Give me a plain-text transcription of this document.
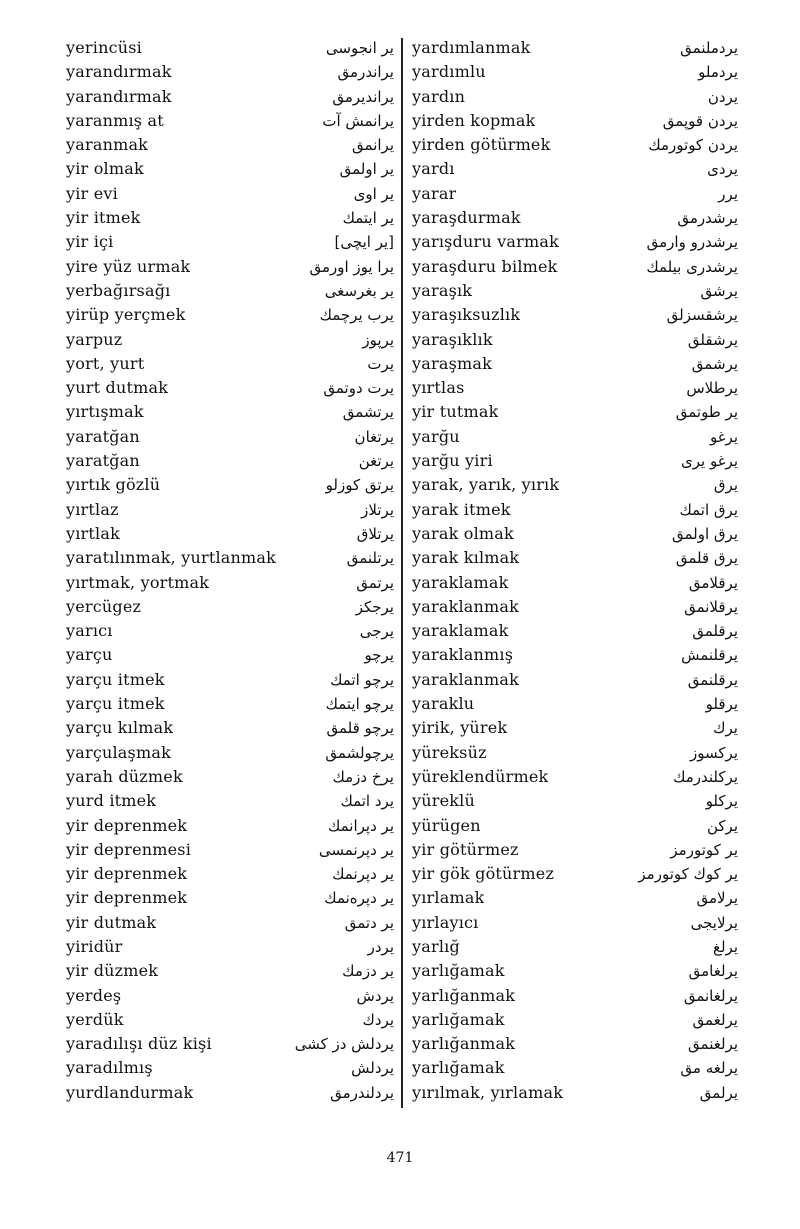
yerincüsi	یر انجوسی
yarandırmak	یراندرمق
yarandırmak	یراندیرمق
yaranmış at	یرانمش آت
yaranmak	یرانمق
yir olmak	یر اولمق
yir evi	یر اوی
yir itmek	یر ایتمك
yir içi	[یر ایچی]
yire yüz urmak	یرا یوز اورمق
yerbağırsağı	یر بغرسغی
yirüp yerçmek	یرب یرچمك
yarpuz	یرپوز
yort, yurt	یرت
yurt dutmak	یرت دوتمق
yırtışmak	یرتشمق
yaratğan	یرتغان
yaratğan	یرتغن
yırtık gözlü	یرتق كوزلو
yırtlaz	یرتلاز
yırtlak	یرتلاق
yaratılınmak, yurtlanmak	یرتلنمق
yırtmak, yortmak	یرتمق
yercügez	یرجكز
yarıcı	یرجی
yarçu	یرچو
yarçu itmek	یرچو اتمك
yarçu itmek	یرچو ایتمك
yarçu kılmak	یرچو قلمق
yarçulaşmak	یرچولشمق
yarah düzmek	یرخ دزمك
yurd itmek	یرد اتمك
yir deprenmek	یر دپرانمك
yir deprenmesi	یر دپرنمسی
yir deprenmek	یر دپرنمك
yir deprenmek	یر دپرەنمك
yir dutmak	یر دتمق
yiridür	یردر
yir düzmek	یر دزمك
yerdeş	یردش
yerdük	یردك
yaradılışı düz kişi	یردلش دز كشی
yaradılmış	یردلش
yurdlandurmak	یردلندرمق
yardımlanmak	یردملنمق
yardımlu	یردملو
yardın	یردن
yirden kopmak	یردن قوپمق
yirden götürmek	یردن كوتورمك
yardı	یردی
yarar	یرر
yaraşdurmak	یرشدرمق
yarışduru varmak	یرشدرو وارمق
yaraşduru bilmek	یرشدری بیلمك
yaraşık	یرشق
yaraşıksuzlık	یرشقسزلق
yaraşıklık	یرشقلق
yaraşmak	یرشمق
yırtlas	یرطلاس
yir tutmak	یر طوتمق
yarğu	یرغو
yarğu yiri	یرغو یری
yarak, yarık, yırık	یرق
yarak itmek	یرق اتمك
yarak olmak	یرق اولمق
yarak kılmak	یرق قلمق
yaraklamak	یرقلامق
yaraklanmak	یرقلانمق
yaraklamak	یرقلمق
yaraklanmış	یرقلنمش
yaraklanmak	یرقلنمق
yaraklu	یرقلو
yirik, yürek	یرك
yüreksüz	یركسوز
yüreklendürmek	یركلندرمك
yüreklü	یركلو
yürügen	یركن
yir götürmez	یر كوتورمز
yir gök götürmez	یر كوك كوتورمز
yırlamak	یرلامق
yırlayıcı	یرلایجی
yarlığ	یرلغ
yarlığamak	یرلغامق
yarlığanmak	یرلغانمق
yarlığamak	یرلغمق
yarlığanmak	یرلغنمق
yarlığamak	یرلغه مق
yırılmak, yırlamak	یرلمق
471
